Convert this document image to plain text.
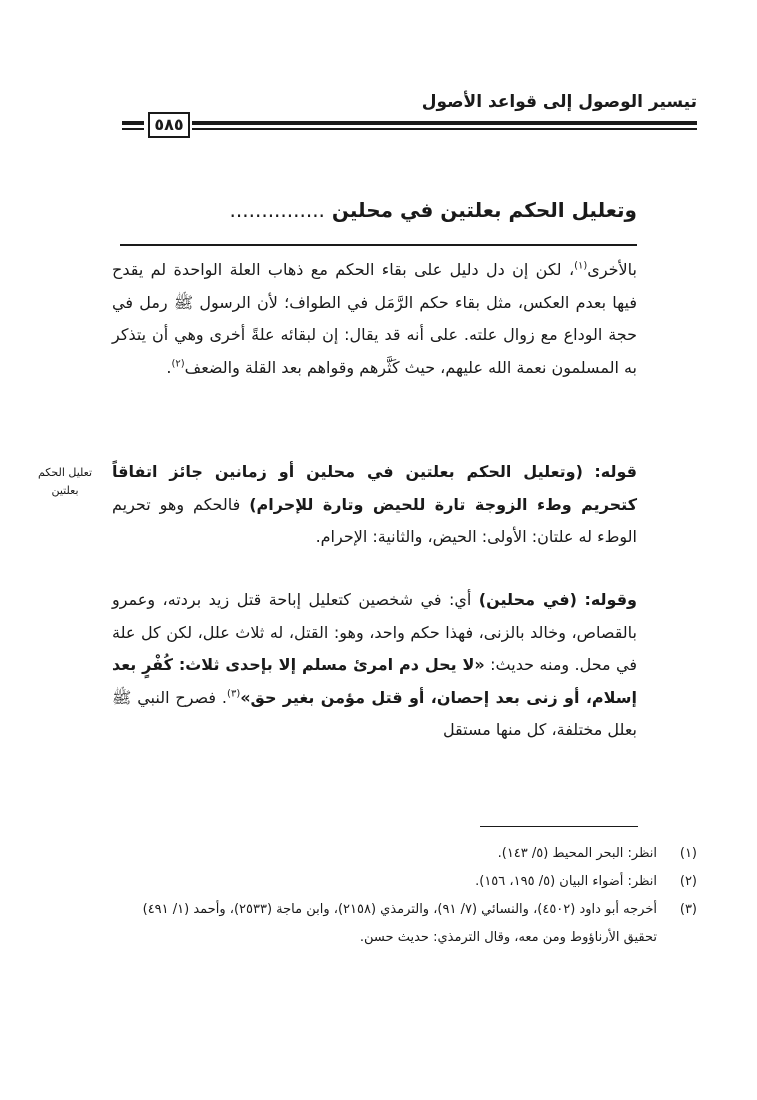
تيسير الوصول إلى قواعد الأصول
٥٨٥
وتعليل الحكم بعلتين في محلين ...............

بالأخرى$^{(١)}$، لكن إن دل دليل على بقاء الحكم مع ذهاب العلة الواحدة لم يقدح فيها بعدم العكس، مثل بقاء حكم الرَّمَل في الطواف؛ لأن الرسول ﷺ رمل في حجة الوداع مع زوال علته. على أنه قد يقال: إن لبقائه علةً أخرى وهي أن يتذكر به المسلمون نعمة الله عليهم، حيث كَثَّرهم وقواهم بعد القلة والضعف$^{(٢)}$.

تعليل الحكم
بعلتين

قوله: (وتعليل الحكم بعلتين في محلين أو زمانين جائز اتفاقاً كتحريم وطء الزوجة تارة للحيض وتارة للإحرام) فالحكم وهو تحريم الوطء له علتان: الأولى: الحيض، والثانية: الإحرام.

وقوله: (في محلين) أي: في شخصين كتعليل إباحة قتل زيد بردته، وعمرو بالقصاص، وخالد بالزنى، فهذا حكم واحد، وهو: القتل، له ثلاث علل، لكن كل علة في محل. ومنه حديث: «لا يحل دم امرئ مسلم إلا بإحدى ثلاث: كُفْرٍ بعد إسلام، أو زنى بعد إحصان، أو قتل مؤمن بغير حق»$^{(٣)}$. فصرح النبي ﷺ بعلل مختلفة، كل منها مستقل

(١)
انظر: البحر المحيط (٥/ ١٤٣).
(٢)
انظر: أضواء البيان (٥/ ١٩٥، ١٥٦).
(٣)
أخرجه أبو داود (٤٥٠٢)، والنسائي (٧/ ٩١)، والترمذي (٢١٥٨)، وابن ماجة (٢٥٣٣)، وأحمد (١/ ٤٩١) تحقيق الأرناؤوط ومن معه، وقال الترمذي: حديث حسن.
